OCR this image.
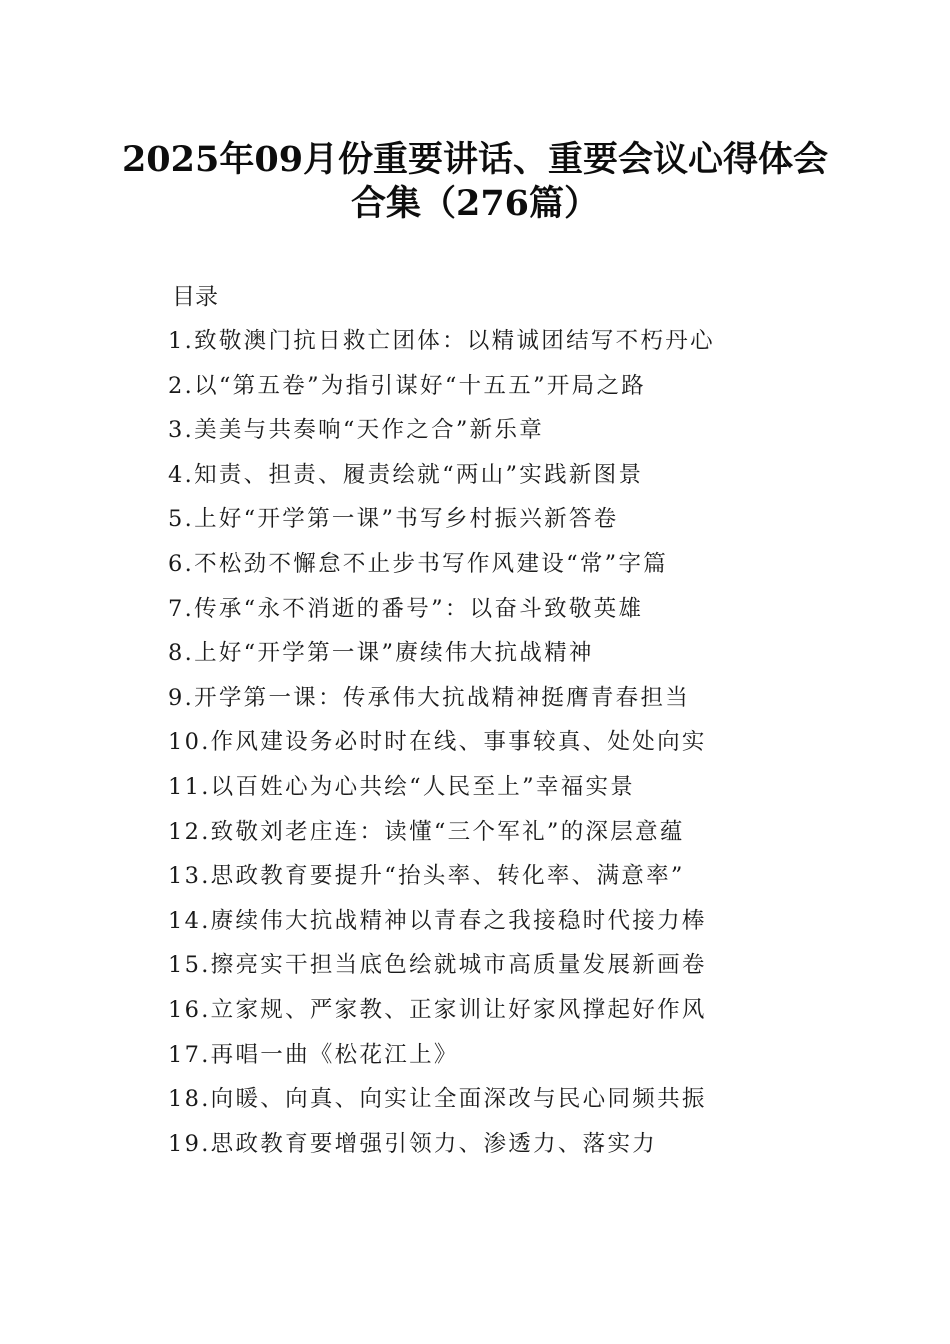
2025年09月份重要讲话、重要会议心得体会
合集（276篇）
目录
1.致敬澳门抗日救亡团体：以精诚团结写不朽丹心
2.以“第五卷”为指引谋好“十五五”开局之路
3.美美与共奏响“天作之合”新乐章
4.知责、担责、履责绘就“两山”实践新图景
5.上好“开学第一课”书写乡村振兴新答卷
6.不松劲不懈怠不止步书写作风建设“常”字篇
7.传承“永不消逝的番号”：以奋斗致敬英雄
8.上好“开学第一课”赓续伟大抗战精神
9.开学第一课：传承伟大抗战精神挺膺青春担当
10.作风建设务必时时在线、事事较真、处处向实
11.以百姓心为心共绘“人民至上”幸福实景
12.致敬刘老庄连：读懂“三个军礼”的深层意蕴
13.思政教育要提升“抬头率、转化率、满意率”
14.赓续伟大抗战精神以青春之我接稳时代接力棒
15.擦亮实干担当底色绘就城市高质量发展新画卷
16.立家规、严家教、正家训让好家风撑起好作风
17.再唱一曲《松花江上》
18.向暖、向真、向实让全面深改与民心同频共振
19.思政教育要增强引领力、渗透力、落实力
